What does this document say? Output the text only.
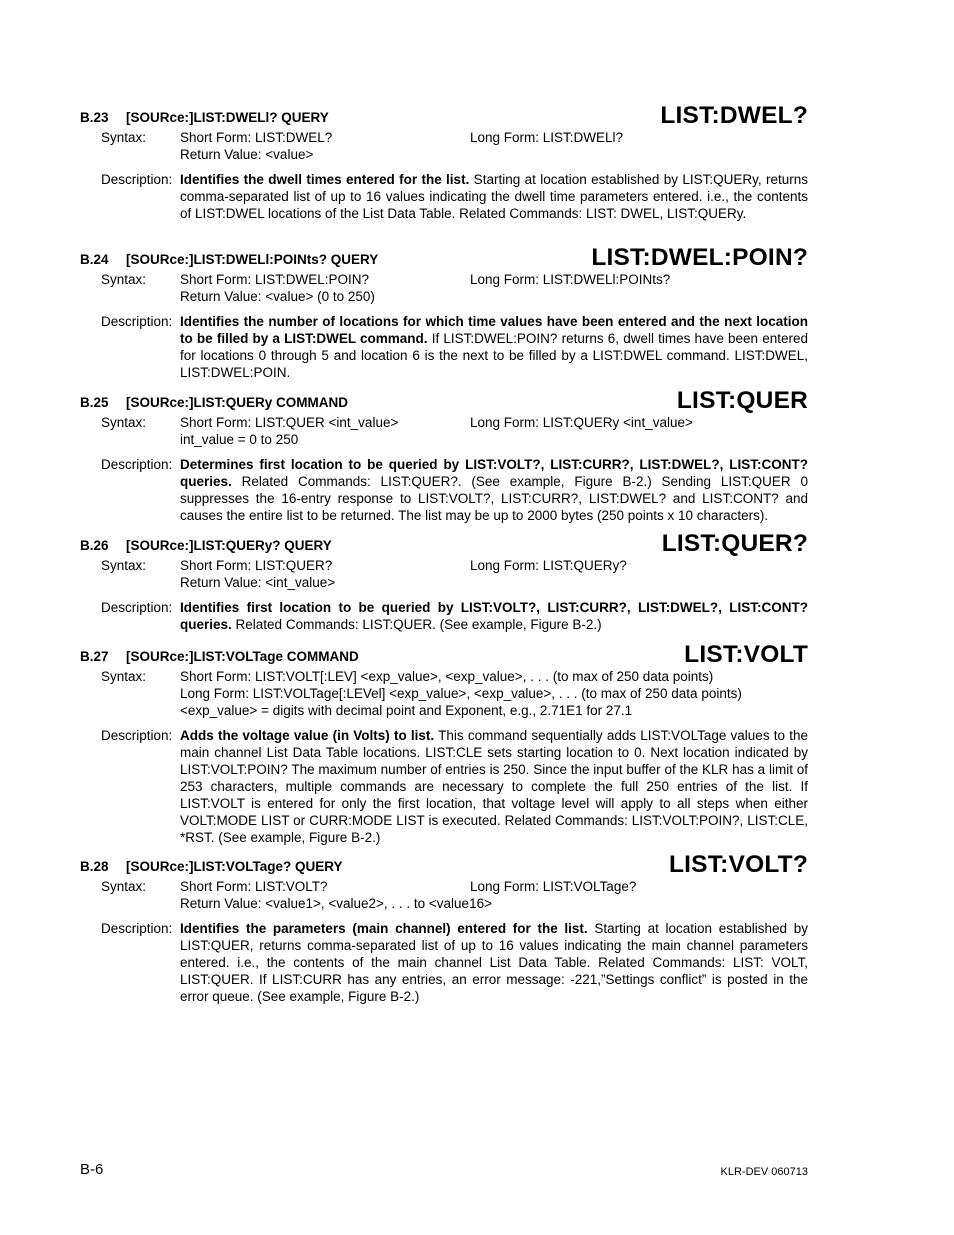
B.23 [SOURce:]LIST:DWELl? QUERY	LIST:DWEL?
Syntax:	Short Form: LIST:DWEL?	Long Form: LIST:DWELl?
Return Value: <value>
Description: Identifies the dwell times entered for the list. Starting at location established by LIST:QUERy, returns comma-separated list of up to 16 values indicating the dwell time parameters entered. i.e., the contents of LIST:DWEL locations of the List Data Table. Related Commands: LIST: DWEL, LIST:QUERy.
B.24 [SOURce:]LIST:DWELl:POINts? QUERY	LIST:DWEL:POIN?
Syntax:	Short Form: LIST:DWEL:POIN?	Long Form: LIST:DWELl:POINts?
Return Value: <value> (0 to 250)
Description: Identifies the number of locations for which time values have been entered and the next location to be filled by a LIST:DWEL command. If LIST:DWEL:POIN? returns 6, dwell times have been entered for locations 0 through 5 and location 6 is the next to be filled by a LIST:DWEL command. LIST:DWEL, LIST:DWEL:POIN.
B.25 [SOURce:]LIST:QUERy COMMAND	LIST:QUER
Syntax:	Short Form: LIST:QUER <int_value>	Long Form: LIST:QUERy <int_value>
int_value = 0 to 250
Description: Determines first location to be queried by LIST:VOLT?, LIST:CURR?, LIST:DWEL?, LIST:CONT? queries. Related Commands: LIST:QUER?. (See example, Figure B-2.) Sending LIST:QUER 0 suppresses the 16-entry response to LIST:VOLT?, LIST:CURR?, LIST:DWEL? and LIST:CONT? and causes the entire list to be returned. The list may be up to 2000 bytes (250 points x 10 characters).
B.26 [SOURce:]LIST:QUERy? QUERY	LIST:QUER?
Syntax:	Short Form: LIST:QUER?	Long Form: LIST:QUERy?
Return Value: <int_value>
Description: Identifies first location to be queried by LIST:VOLT?, LIST:CURR?, LIST:DWEL?, LIST:CONT? queries. Related Commands: LIST:QUER. (See example, Figure B-2.)
B.27 [SOURce:]LIST:VOLTage COMMAND	LIST:VOLT
Syntax:	Short Form: LIST:VOLT[:LEV] <exp_value>, <exp_value>, . . . (to max of 250 data points)
Long Form: LIST:VOLTage[:LEVel] <exp_value>, <exp_value>, . . . (to max of 250 data points)
<exp_value> = digits with decimal point and Exponent, e.g., 2.71E1 for 27.1
Description: Adds the voltage value (in Volts) to list. This command sequentially adds LIST:VOLTage values to the main channel List Data Table locations. LIST:CLE sets starting location to 0. Next location indicated by LIST:VOLT:POIN? The maximum number of entries is 250. Since the input buffer of the KLR has a limit of 253 characters, multiple commands are necessary to complete the full 250 entries of the list. If LIST:VOLT is entered for only the first location, that voltage level will apply to all steps when either VOLT:MODE LIST or CURR:MODE LIST is executed. Related Commands: LIST:VOLT:POIN?, LIST:CLE, *RST. (See example, Figure B-2.)
B.28 [SOURce:]LIST:VOLTage? QUERY	LIST:VOLT?
Syntax:	Short Form: LIST:VOLT?	Long Form: LIST:VOLTage?
Return Value: <value1>, <value2>, . . . to <value16>
Description: Identifies the parameters (main channel) entered for the list. Starting at location established by LIST:QUER, returns comma-separated list of up to 16 values indicating the main channel parameters entered. i.e., the contents of the main channel List Data Table. Related Commands: LIST: VOLT, LIST:QUER. If LIST:CURR has any entries, an error message: -221,”Settings conflict” is posted in the error queue. (See example, Figure B-2.)
B-6	KLR-DEV 060713
